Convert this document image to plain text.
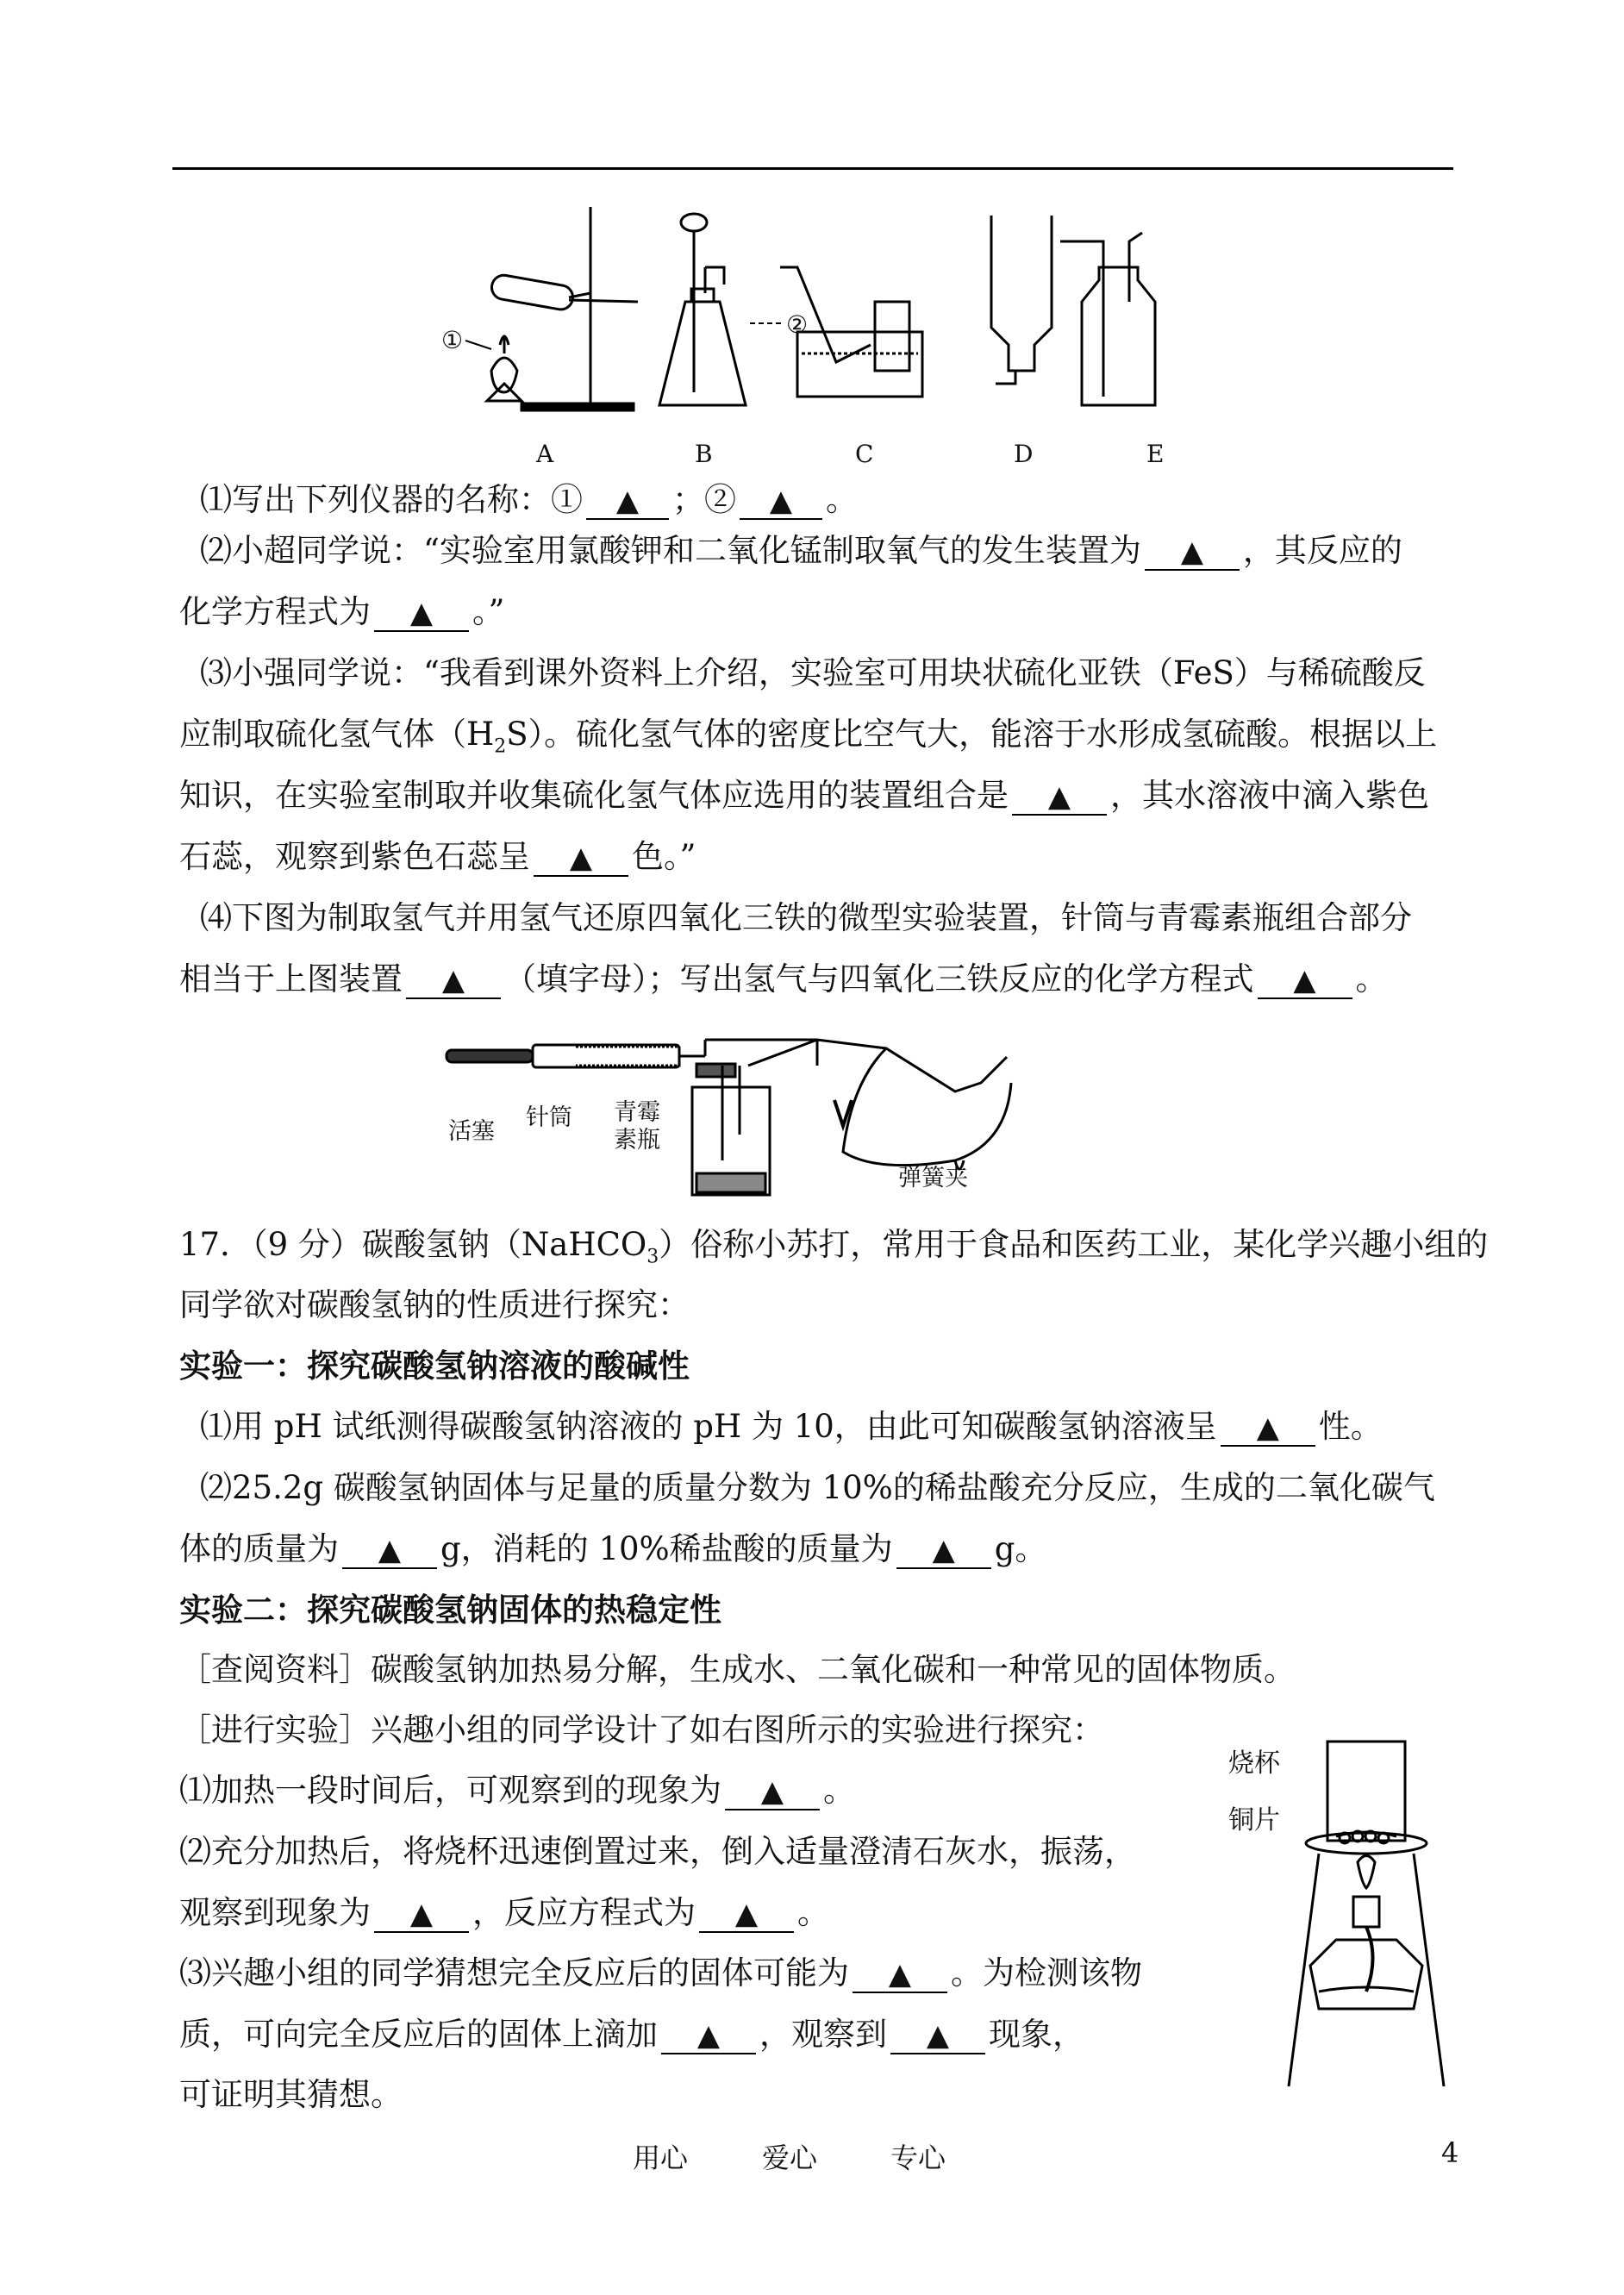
①
②
A	B	C	D	E
⑴写出下列仪器的名称：① ▲ ；② ▲ 。
⑵小超同学说：“实验室用氯酸钾和二氧化锰制取氧气的发生装置为 ▲ ，其反应的
化学方程式为 ▲ 。”
⑶小强同学说：“我看到课外资料上介绍，实验室可用块状硫化亚铁（FeS）与稀硫酸反
应制取硫化氢气体$(H_2S)$。硫化氢气体的密度比空气大，能溶于水形成氢硫酸。根据以上
知识，在实验室制取并收集硫化氢气体应选用的装置组合是 ▲ ，其水溶液中滴入紫色
石蕊，观察到紫色石蕊呈 ▲ 色。”
⑷下图为制取氢气并用氢气还原四氧化三铁的微型实验装置，针筒与青霉素瓶组合部分
相当于上图装置 ▲ （填字母）；写出氢气与四氧化三铁反应的化学方程式 ▲ 。
活塞
针筒 青霉
素瓶
弹簧夹
17．（9 分）碳酸氢钠（NaHCO$_3$）俗称小苏打，常用于食品和医药工业，某化学兴趣小组的
同学欲对碳酸氢钠的性质进行探究：
实验一：探究碳酸氢钠溶液的酸碱性
⑴用 pH 试纸测得碳酸氢钠溶液的 pH 为 10，由此可知碳酸氢钠溶液呈 ▲ 性。
⑵25.2g 碳酸氢钠固体与足量的质量分数为 10%的稀盐酸充分反应，生成的二氧化碳气
体的质量为 ▲ g，消耗的 10%稀盐酸的质量为 ▲ g。
实验二：探究碳酸氢钠固体的热稳定性
［查阅资料］碳酸氢钠加热易分解，生成水、二氧化碳和一种常见的固体物质。
［进行实验］兴趣小组的同学设计了如右图所示的实验进行探究：
⑴加热一段时间后，可观察到的现象为 ▲ 。
⑵充分加热后，将烧杯迅速倒置过来，倒入适量澄清石灰水，振荡，
观察到现象为 ▲ ，反应方程式为 ▲ 。
⑶兴趣小组的同学猜想完全反应后的固体可能为 ▲ 。为检测该物
质，可向完全反应后的固体上滴加 ▲ ，观察到 ▲ 现象，
可证明其猜想。
烧杯
铜片
用心	爱心	专心	4
